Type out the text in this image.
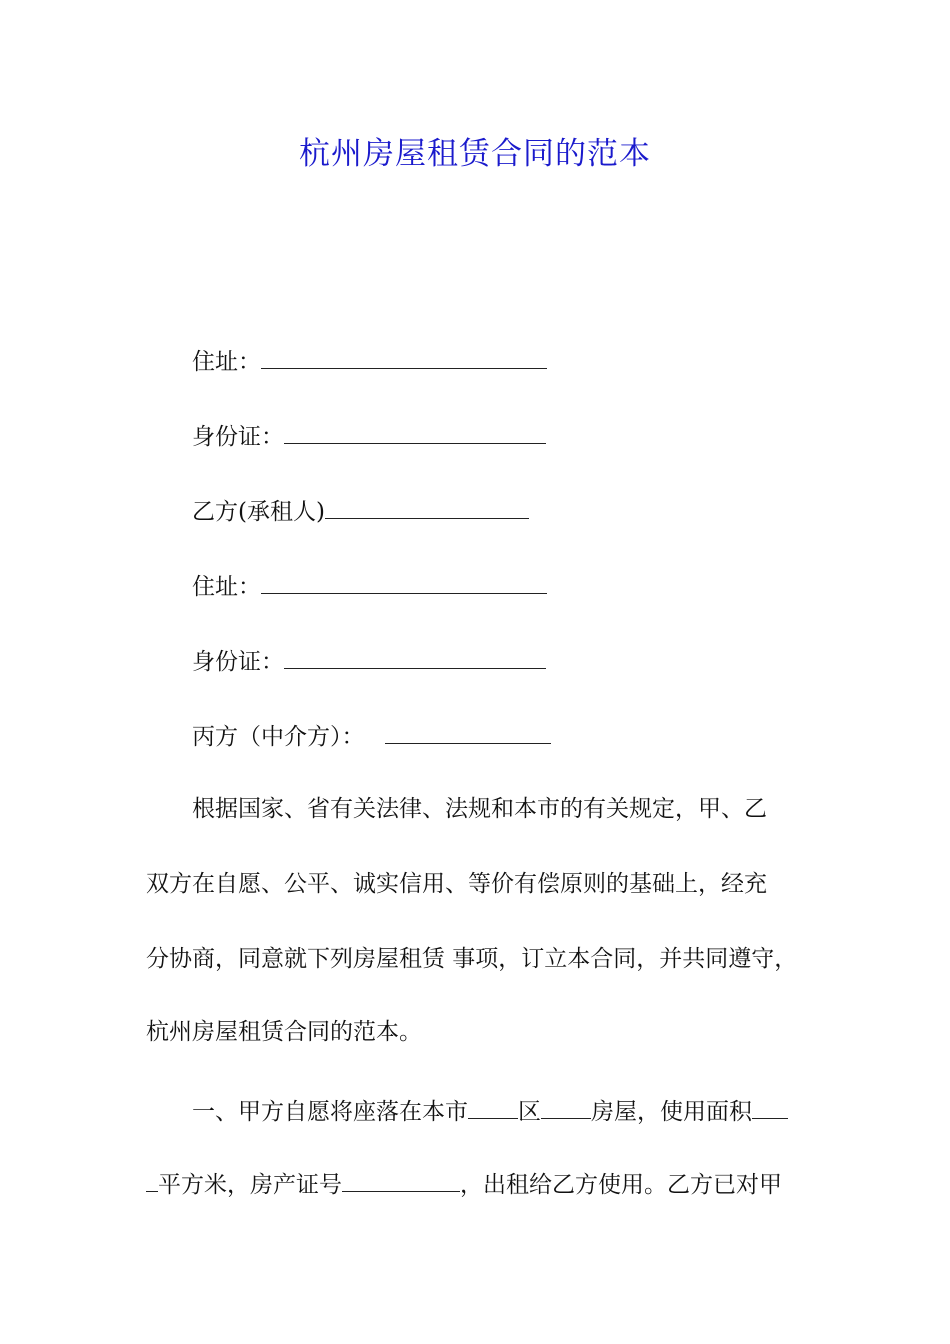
杭州房屋租赁合同的范本
住址：
身份证：
乙方(承租人)
住址：
身份证：
丙方（中介方）：
根据国家、省有关法律、法规和本市的有关规定，甲、乙
双方在自愿、公平、诚实信用、等价有偿原则的基础上，经充
分协商，同意就下列房屋租赁 事项，订立本合同，并共同遵守，
杭州房屋租赁合同的范本。
一、甲方自愿将座落在本市 区 房屋，使用面积
平方米，房产证号	，出租给乙方使用。乙方已对甲
